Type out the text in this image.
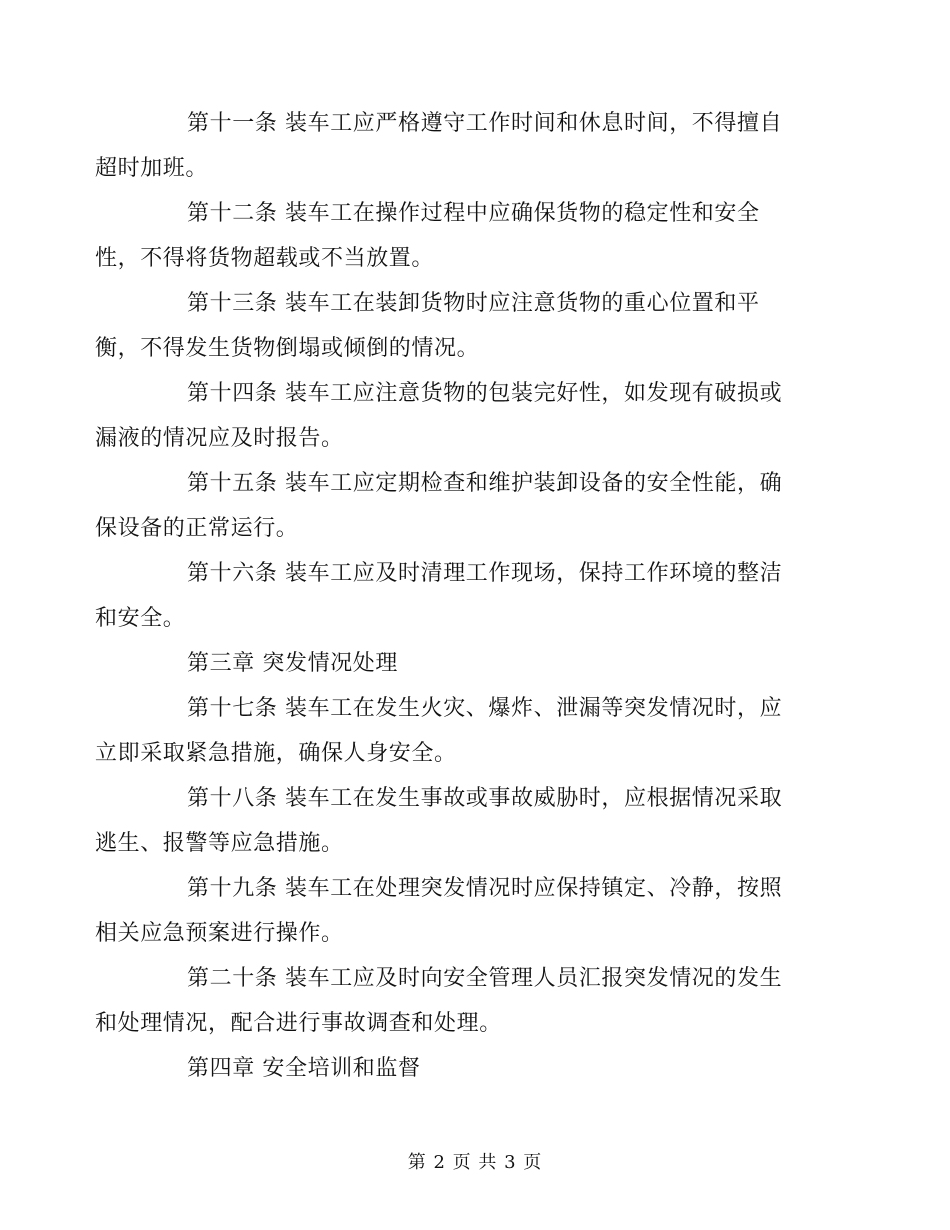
第十一条 装车工应严格遵守工作时间和休息时间，不得擅自
超时加班。

第十二条 装车工在操作过程中应确保货物的稳定性和安全
性，不得将货物超载或不当放置。

第十三条 装车工在装卸货物时应注意货物的重心位置和平
衡，不得发生货物倒塌或倾倒的情况。

第十四条 装车工应注意货物的包装完好性，如发现有破损或
漏液的情况应及时报告。

第十五条 装车工应定期检查和维护装卸设备的安全性能，确
保设备的正常运行。

第十六条 装车工应及时清理工作现场，保持工作环境的整洁
和安全。

第三章 突发情况处理

第十七条 装车工在发生火灾、爆炸、泄漏等突发情况时，应
立即采取紧急措施，确保人身安全。

第十八条 装车工在发生事故或事故威胁时，应根据情况采取
逃生、报警等应急措施。

第十九条 装车工在处理突发情况时应保持镇定、冷静，按照
相关应急预案进行操作。

第二十条 装车工应及时向安全管理人员汇报突发情况的发生
和处理情况，配合进行事故调查和处理。

第四章 安全培训和监督

第 2 页 共 3 页
